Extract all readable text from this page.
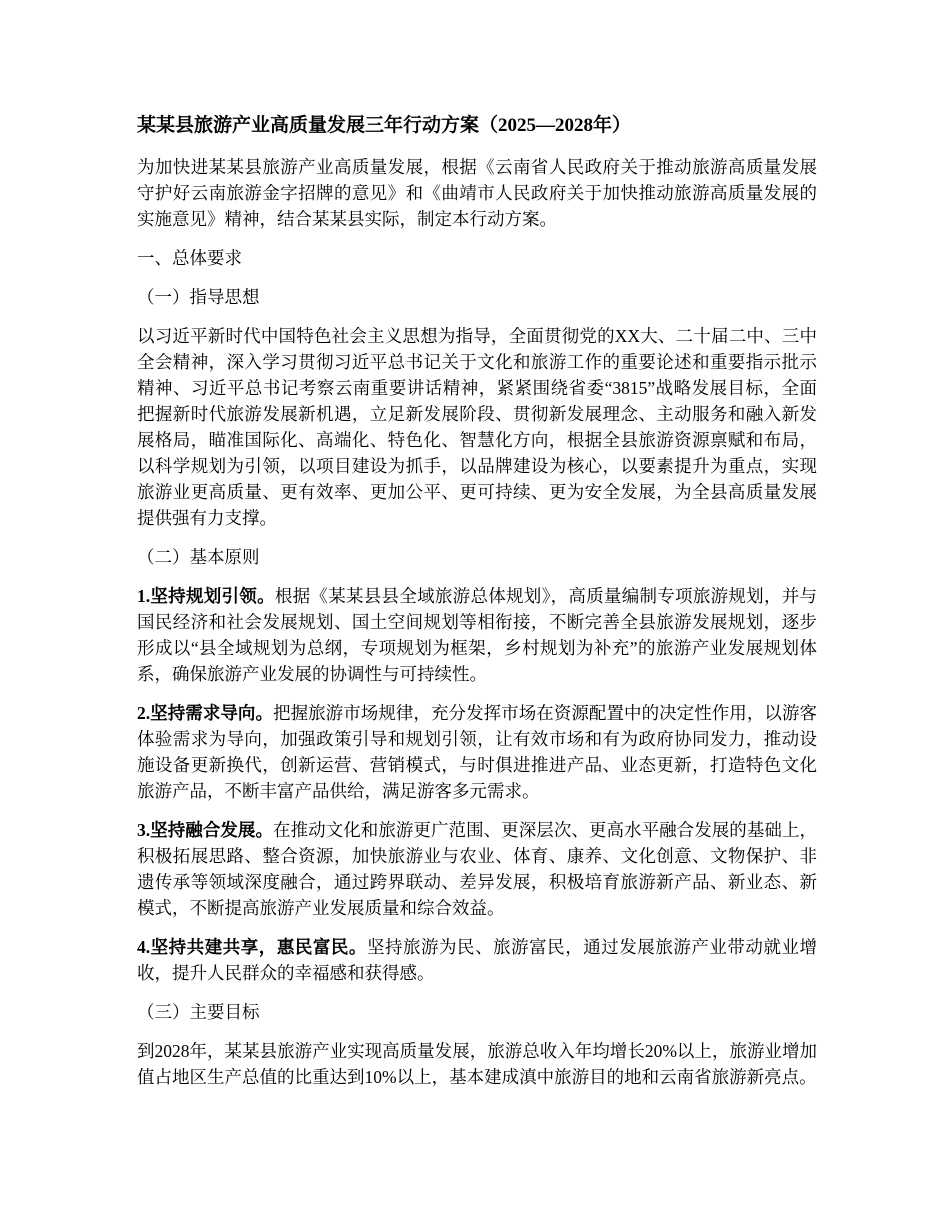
某某县旅游产业高质量发展三年行动方案（2025—2028年）

为加快进某某县旅游产业高质量发展，根据《云南省人民政府关于推动旅游高质量发展守护好云南旅游金字招牌的意见》和《曲靖市人民政府关于加快推动旅游高质量发展的实施意见》精神，结合某某县实际，制定本行动方案。

一、总体要求
（一）指导思想

以习近平新时代中国特色社会主义思想为指导，全面贯彻党的XX大、二十届二中、三中全会精神，深入学习贯彻习近平总书记关于文化和旅游工作的重要论述和重要指示批示精神、习近平总书记考察云南重要讲话精神，紧紧围绕省委“3815”战略发展目标，全面把握新时代旅游发展新机遇，立足新发展阶段、贯彻新发展理念、主动服务和融入新发展格局，瞄准国际化、高端化、特色化、智慧化方向，根据全县旅游资源禀赋和布局，以科学规划为引领，以项目建设为抓手，以品牌建设为核心，以要素提升为重点，实现旅游业更高质量、更有效率、更加公平、更可持续、更为安全发展，为全县高质量发展提供强有力支撑。

（二）基本原则

1.坚持规划引领。根据《某某县县全域旅游总体规划》，高质量编制专项旅游规划，并与国民经济和社会发展规划、国土空间规划等相衔接，不断完善全县旅游发展规划，逐步形成以“县全域规划为总纲，专项规划为框架，乡村规划为补充”的旅游产业发展规划体系，确保旅游产业发展的协调性与可持续性。

2.坚持需求导向。把握旅游市场规律，充分发挥市场在资源配置中的决定性作用，以游客体验需求为导向，加强政策引导和规划引领，让有效市场和有为政府协同发力，推动设施设备更新换代，创新运营、营销模式，与时俱进推进产品、业态更新，打造特色文化旅游产品，不断丰富产品供给，满足游客多元需求。

3.坚持融合发展。在推动文化和旅游更广范围、更深层次、更高水平融合发展的基础上，积极拓展思路、整合资源，加快旅游业与农业、体育、康养、文化创意、文物保护、非遗传承等领域深度融合，通过跨界联动、差异发展，积极培育旅游新产品、新业态、新模式，不断提高旅游产业发展质量和综合效益。

4.坚持共建共享，惠民富民。坚持旅游为民、旅游富民，通过发展旅游产业带动就业增收，提升人民群众的幸福感和获得感。

（三）主要目标

到2028年，某某县旅游产业实现高质量发展，旅游总收入年均增长20%以上，旅游业增加值占地区生产总值的比重达到10%以上，基本建成滇中旅游目的地和云南省旅游新亮点。
